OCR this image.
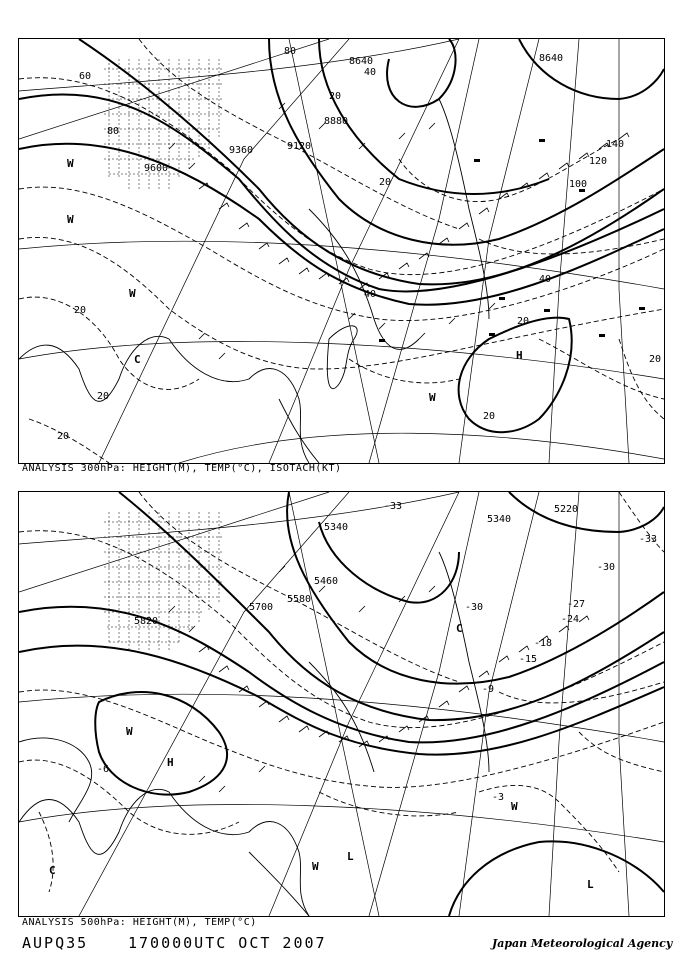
8640	8640
8880
9120
9360
9600
80
40
20
120
140
100
80
60
40
20
20
40
20
20
20
20
20
W
W
W
C	H
W
ANALYSIS 300hPa: HEIGHT(M), TEMP(°C), ISOTACH(KT)
5220
5340
5340
5460
5580
5700
5820
-33
-33
-30
-27
-24
-18
-15
-30
-9
-3
-6
W
H
C
W
L
L
W
C
ANALYSIS 500hPa: HEIGHT(M), TEMP(°C)
AUPQ35	170000UTC OCT 2007	Japan Meteorological Agency
